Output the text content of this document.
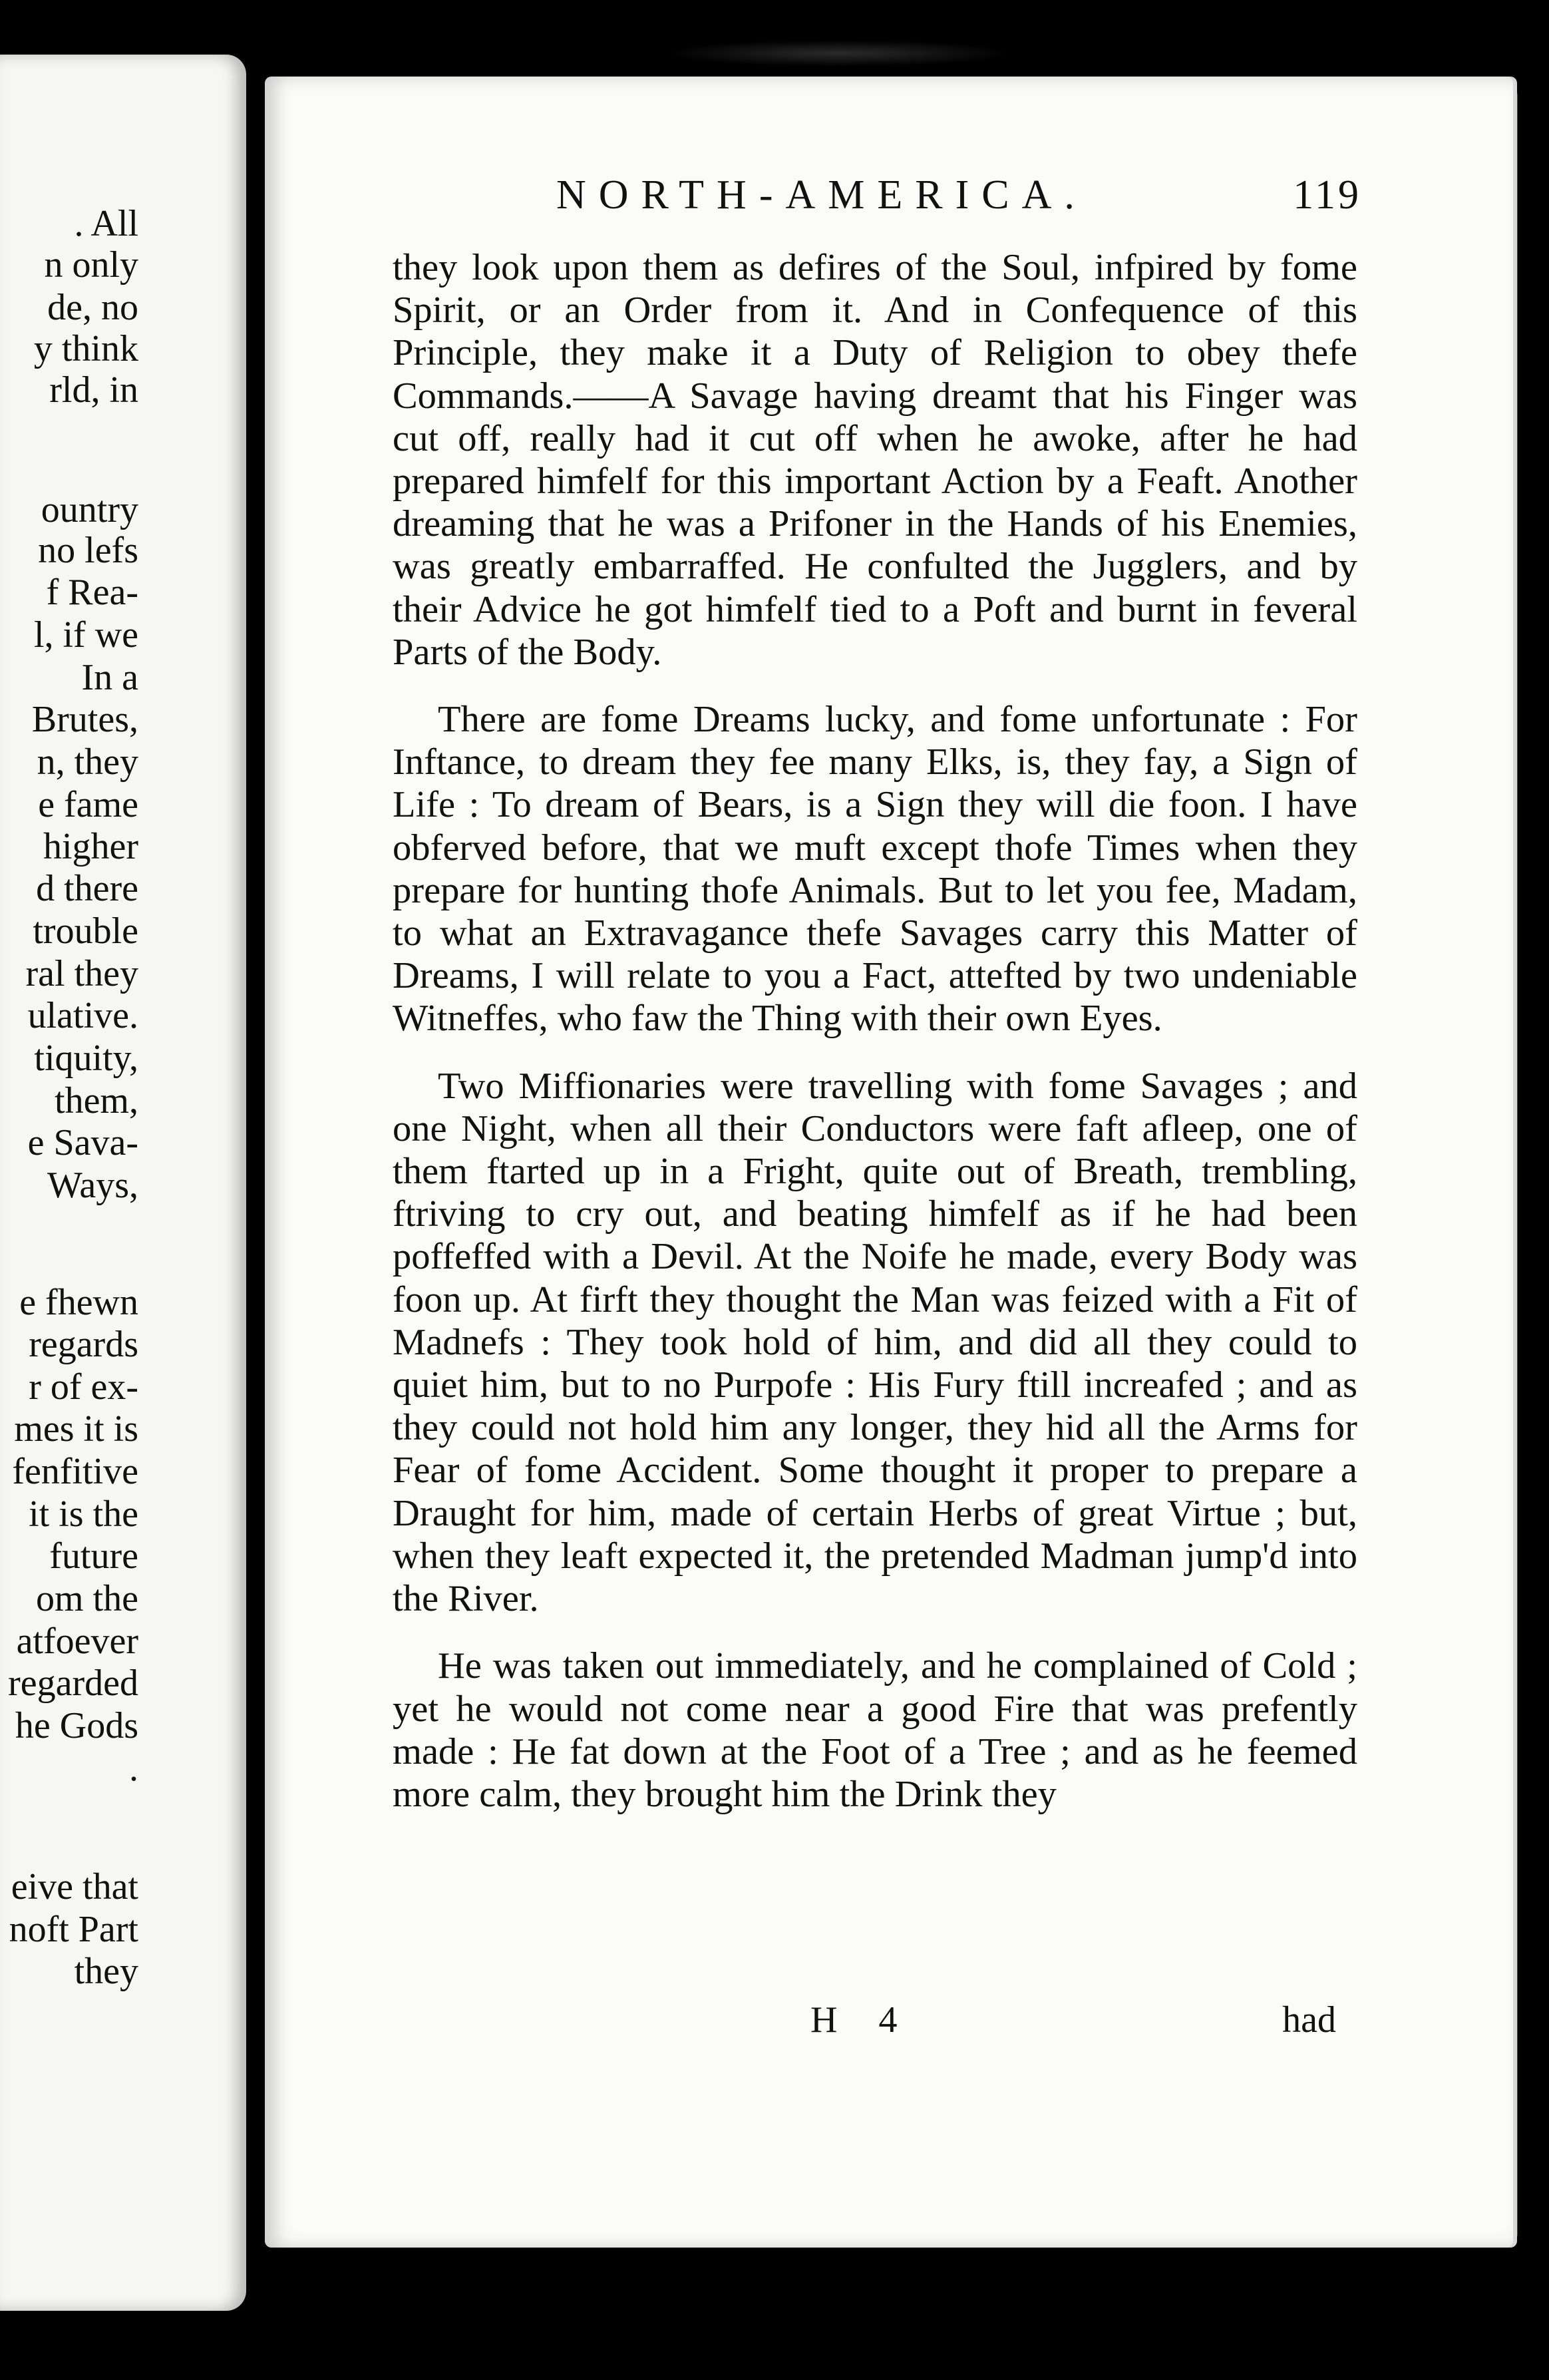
. All
n only
de, no
y think
rld, in
ountry
no lefs
f Rea-
l, if we
In a
Brutes,
n, they
e fame
higher
d there
trouble
ral they
ulative.
tiquity,
them,
e Sava-
Ways,
e fhewn
regards
r of ex-
mes it is
fenfitive
it is the
future
om the
atfoever
regarded
he Gods
.
eive that
noft Part
they
NORTH-AMERICA.	119

they look upon them as defires of the Soul, infpired by fome Spirit, or an Order from it. And in Confequence of this Principle, they make it a Duty of Religion to obey thefe Commands.——A Savage having dreamt that his Finger was cut off, really had it cut off when he awoke, after he had prepared himfelf for this important Action by a Feaft. Another dreaming that he was a Prifoner in the Hands of his Enemies, was greatly embarraffed. He confulted the Jugglers, and by their Advice he got himfelf tied to a Poft and burnt in feveral Parts of the Body.

There are fome Dreams lucky, and fome unfortunate : For Inftance, to dream they fee many Elks, is, they fay, a Sign of Life : To dream of Bears, is a Sign they will die foon. I have obferved before, that we muft except thofe Times when they prepare for hunting thofe Animals. But to let you fee, Madam, to what an Extravagance thefe Savages carry this Matter of Dreams, I will relate to you a Fact, attefted by two undeniable Witneffes, who faw the Thing with their own Eyes.

Two Miffionaries were travelling with fome Savages ; and one Night, when all their Conductors were faft afleep, one of them ftarted up in a Fright, quite out of Breath, trembling, ftriving to cry out, and beating himfelf as if he had been poffeffed with a Devil. At the Noife he made, every Body was foon up. At firft they thought the Man was feized with a Fit of Madnefs : They took hold of him, and did all they could to quiet him, but to no Purpofe : His Fury ftill increafed ; and as they could not hold him any longer, they hid all the Arms for Fear of fome Accident. Some thought it proper to prepare a Draught for him, made of certain Herbs of great Virtue ; but, when they leaft expected it, the pretended Madman jump'd into the River.

He was taken out immediately, and he complained of Cold ; yet he would not come near a good Fire that was prefently made : He fat down at the Foot of a Tree ; and as he feemed more calm, they brought him the Drink they

H 4	had
